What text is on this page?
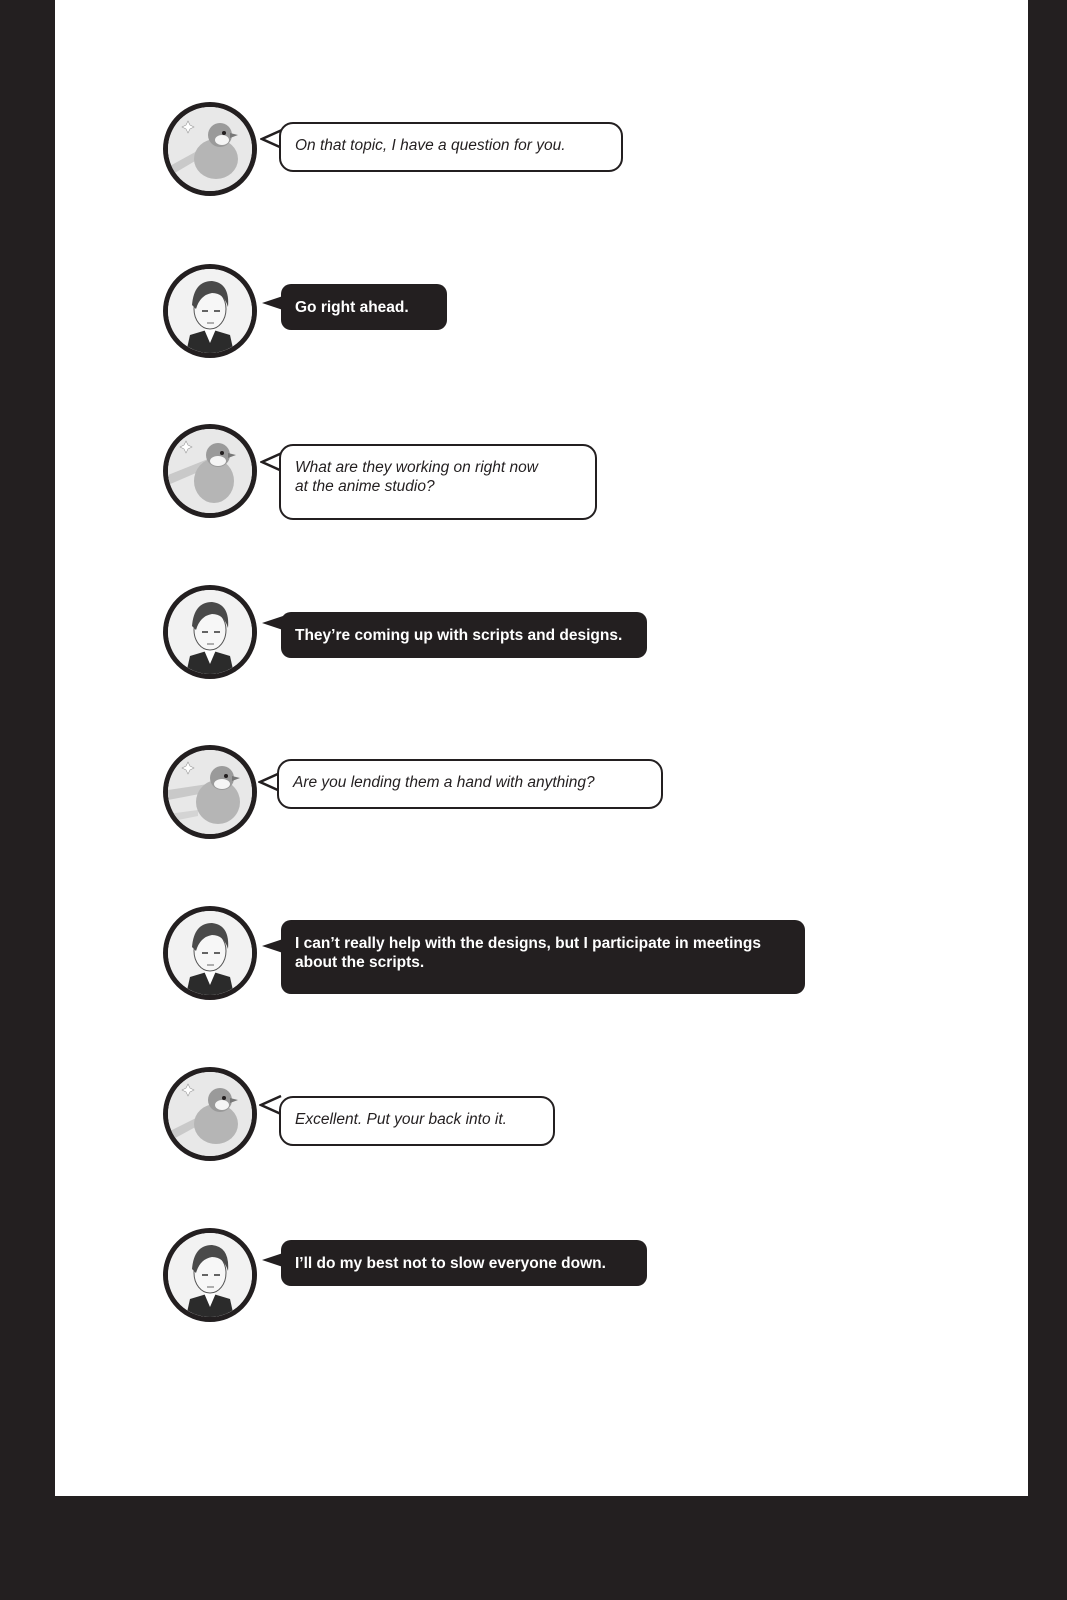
On that topic, I have a question for you.
Go right ahead.
What are they working on right now
at the anime studio?
They’re coming up with scripts and designs.
Are you lending them a hand with anything?
I can’t really help with the designs, but I participate in meetings
about the scripts.
Excellent. Put your back into it.
I’ll do my best not to slow everyone down.
